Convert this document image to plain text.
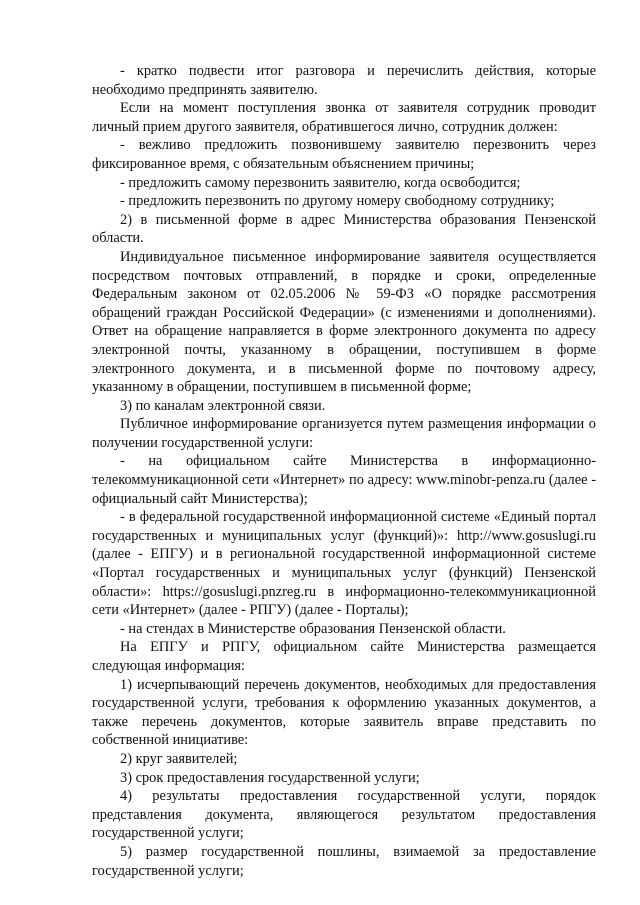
- кратко подвести итог разговора и перечислить действия, которые необходимо предпринять заявителю.

Если на момент поступления звонка от заявителя сотрудник проводит личный прием другого заявителя, обратившегося лично, сотрудник должен:

- вежливо предложить позвонившему заявителю перезвонить через фиксированное время, с обязательным объяснением причины;

- предложить самому перезвонить заявителю, когда освободится;

- предложить перезвонить по другому номеру свободному сотруднику;

2) в письменной форме в адрес Министерства образования Пензенской области.

Индивидуальное письменное информирование заявителя осуществляется посредством почтовых отправлений, в порядке и сроки, определенные Федеральным законом от 02.05.2006 № 59-ФЗ «О порядке рассмотрения обращений граждан Российской Федерации» (с изменениями и дополнениями). Ответ на обращение направляется в форме электронного документа по адресу электронной почты, указанному в обращении, поступившем в форме электронного документа, и в письменной форме по почтовому адресу, указанному в обращении, поступившем в письменной форме;

3) по каналам электронной связи.

Публичное информирование организуется путем размещения информации о получении государственной услуги:

- на официальном сайте Министерства в информационно-телекоммуникационной сети «Интернет» по адресу: www.minobr-penza.ru (далее - официальный сайт Министерства);

- в федеральной государственной информационной системе «Единый портал государственных и муниципальных услуг (функций)»: http://www.gosuslugi.ru (далее - ЕПГУ) и в региональной государственной информационной системе «Портал государственных и муниципальных услуг (функций) Пензенской области»: https://gosuslugi.pnzreg.ru в информационно-телекоммуникационной сети «Интернет» (далее - РПГУ) (далее - Порталы);

- на стендах в Министерстве образования Пензенской области.

На ЕПГУ и РПГУ, официальном сайте Министерства размещается следующая информация:

1) исчерпывающий перечень документов, необходимых для предоставления государственной услуги, требования к оформлению указанных документов, а также перечень документов, которые заявитель вправе представить по собственной инициативе:

2) круг заявителей;

3) срок предоставления государственной услуги;

4) результаты предоставления государственной услуги, порядок представления документа, являющегося результатом предоставления государственной услуги;

5) размер государственной пошлины, взимаемой за предоставление государственной услуги;
